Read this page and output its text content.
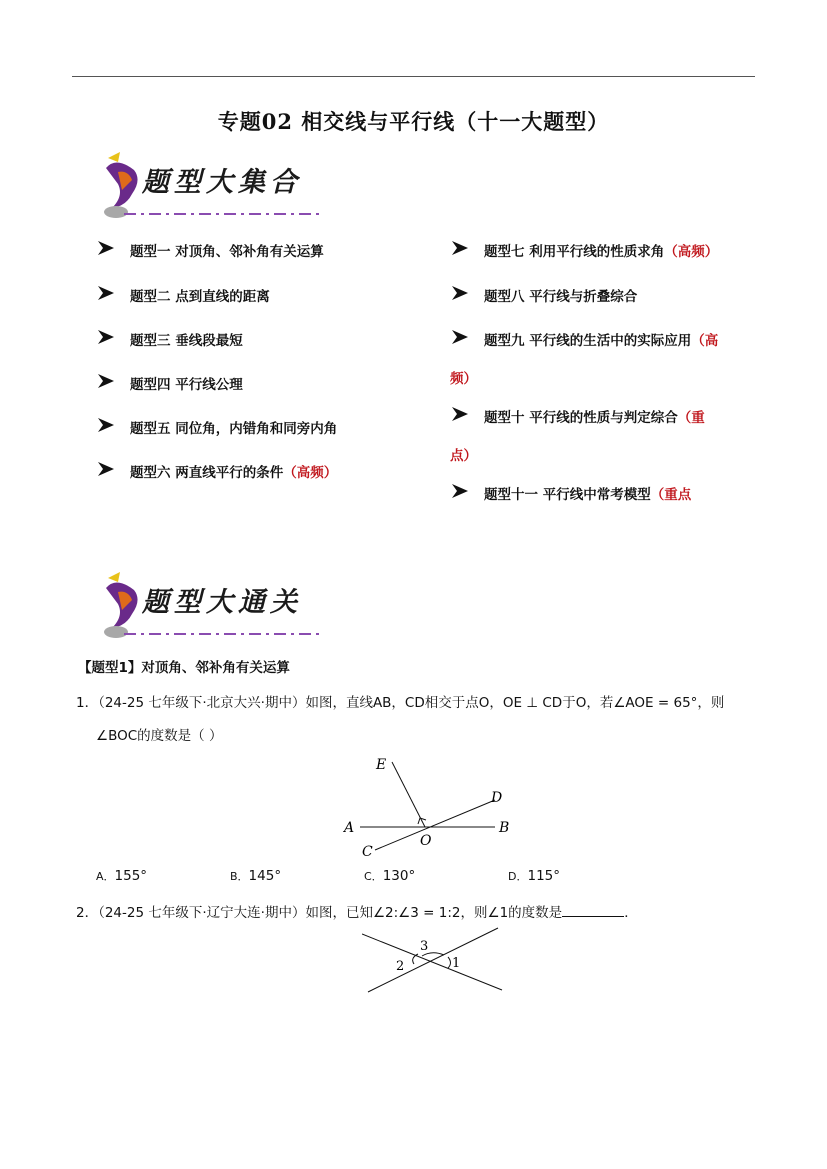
专题02 相交线与平行线（十一大题型）
题型大集合
题型一 对顶角、邻补角有关运算
题型二 点到直线的距离
题型三 垂线段最短
题型四 平行线公理
题型五 同位角，内错角和同旁内角
题型六 两直线平行的条件（高频）
题型七 利用平行线的性质求角（高频）
题型八 平行线与折叠综合
题型九 平行线的生活中的实际应用（高
频）
题型十 平行线的性质与判定综合（重
点）
题型十一 平行线中常考模型（重点
题型大通关
【题型1】对顶角、邻补角有关运算
1．（24-25 七年级下·北京大兴·期中）如图，直线AB，CD相交于点O，OE ⊥ CD于O，若∠AOE = 65°，则
∠BOC的度数是（ ）
E
D
A	B
O
C
A．155°	B．145°	C．130°	D．115°
2．（24-25 七年级下·辽宁大连·期中）如图，已知∠2:∠3 = 1:2，则∠1的度数是	．
3
2	1
